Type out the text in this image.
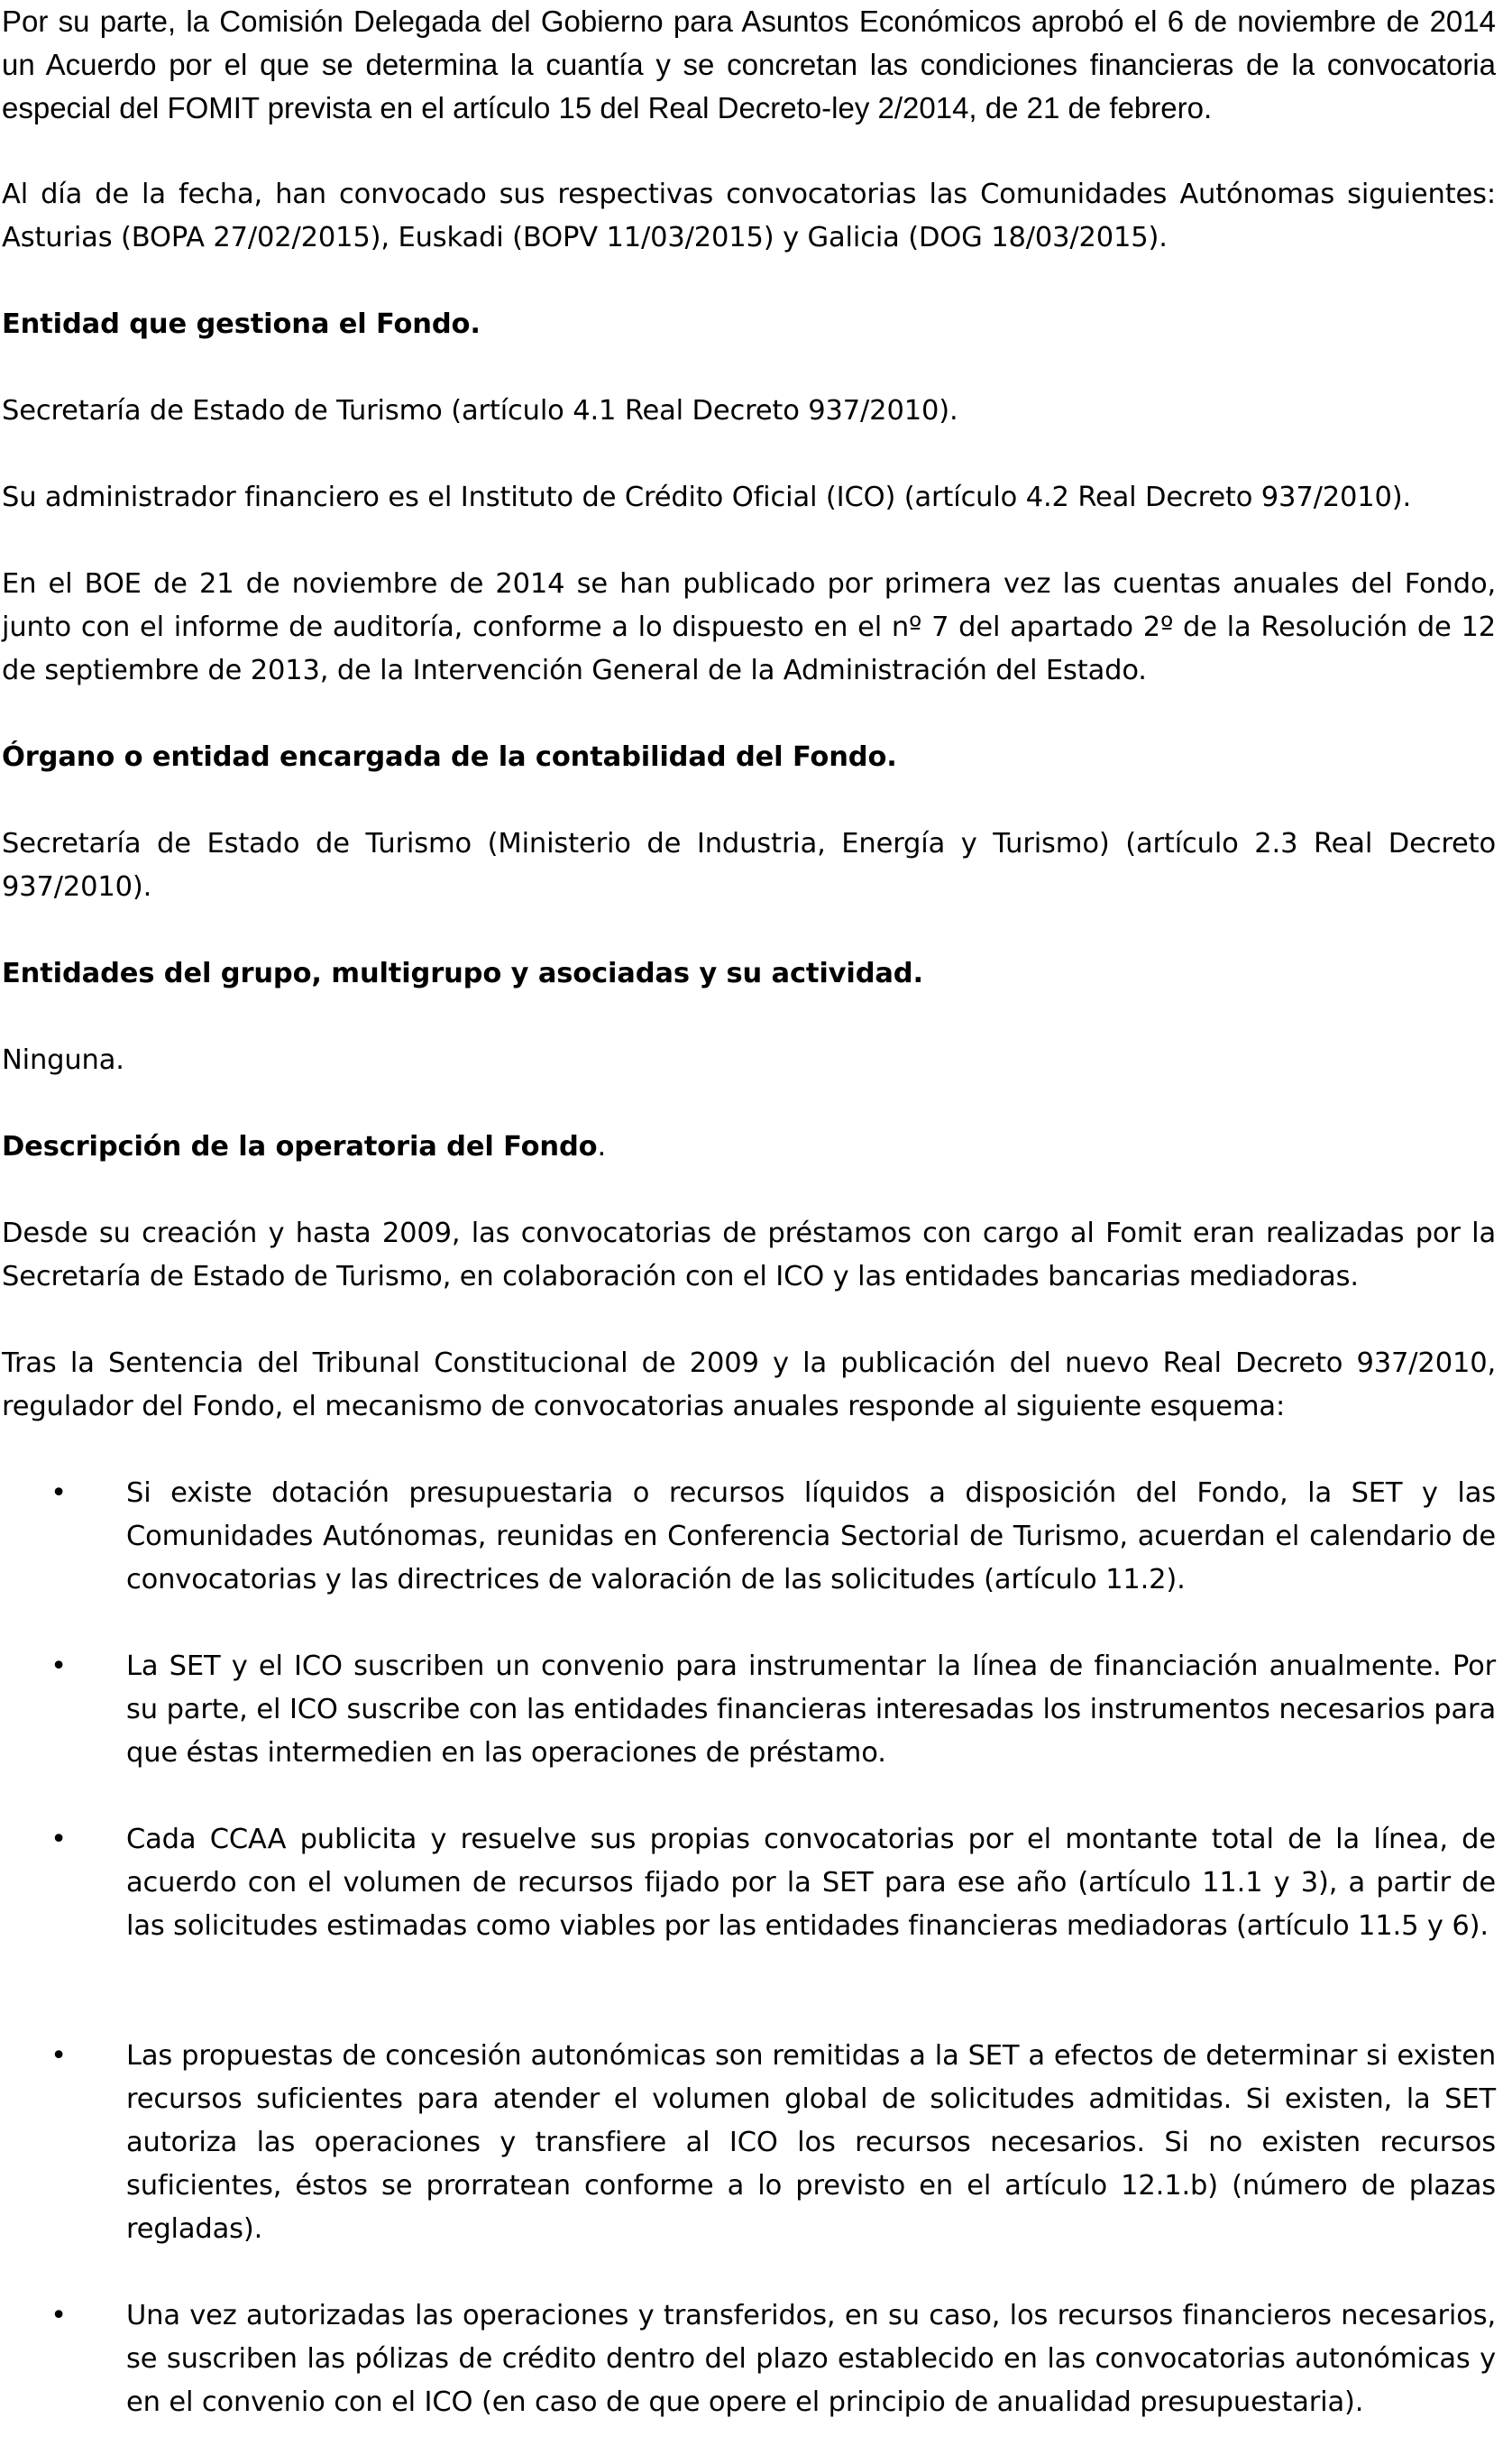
Por su parte, la Comisión Delegada del Gobierno para Asuntos Económicos aprobó el 6 de noviembre de 2014 un Acuerdo por el que se determina la cuantía y se concretan las condiciones financieras de la convocatoria especial del FOMIT prevista en el artículo 15 del Real Decreto-ley 2/2014, de 21 de febrero.

Al día de la fecha, han convocado sus respectivas convocatorias las Comunidades Autónomas siguientes: Asturias (BOPA 27/02/2015), Euskadi (BOPV 11/03/2015) y Galicia (DOG 18/03/2015).

Entidad que gestiona el Fondo.

Secretaría de Estado de Turismo (artículo 4.1 Real Decreto 937/2010).

Su administrador financiero es el Instituto de Crédito Oficial (ICO) (artículo 4.2 Real Decreto 937/2010).

En el BOE de 21 de noviembre de 2014 se han publicado por primera vez las cuentas anuales del Fondo, junto con el informe de auditoría, conforme a lo dispuesto en el nº 7 del apartado 2º de la Resolución de 12 de septiembre de 2013, de la Intervención General de la Administración del Estado.

Órgano o entidad encargada de la contabilidad del Fondo.

Secretaría de Estado de Turismo (Ministerio de Industria, Energía y Turismo) (artículo 2.3 Real Decreto 937/2010).

Entidades del grupo, multigrupo y asociadas y su actividad.

Ninguna.

Descripción de la operatoria del Fondo.

Desde su creación y hasta 2009, las convocatorias de préstamos con cargo al Fomit eran realizadas por la Secretaría de Estado de Turismo, en colaboración con el ICO y las entidades bancarias mediadoras.

Tras la Sentencia del Tribunal Constitucional de 2009 y la publicación del nuevo Real Decreto 937/2010, regulador del Fondo, el mecanismo de convocatorias anuales responde al siguiente esquema:

• Si existe dotación presupuestaria o recursos líquidos a disposición del Fondo, la SET y las Comunidades Autónomas, reunidas en Conferencia Sectorial de Turismo, acuerdan el calendario de convocatorias y las directrices de valoración de las solicitudes (artículo 11.2).
• La SET y el ICO suscriben un convenio para instrumentar la línea de financiación anualmente. Por su parte, el ICO suscribe con las entidades financieras interesadas los instrumentos necesarios para que éstas intermedien en las operaciones de préstamo.
• Cada CCAA publicita y resuelve sus propias convocatorias por el montante total de la línea, de acuerdo con el volumen de recursos fijado por la SET para ese año (artículo 11.1 y 3), a partir de las solicitudes estimadas como viables por las entidades financieras mediadoras (artículo 11.5 y 6).
• Las propuestas de concesión autonómicas son remitidas a la SET a efectos de determinar si existen recursos suficientes para atender el volumen global de solicitudes admitidas. Si existen, la SET autoriza las operaciones y transfiere al ICO los recursos necesarios. Si no existen recursos suficientes, éstos se prorratean conforme a lo previsto en el artículo 12.1.b) (número de plazas regladas).
• Una vez autorizadas las operaciones y transferidos, en su caso, los recursos financieros necesarios, se suscriben las pólizas de crédito dentro del plazo establecido en las convocatorias autonómicas y en el convenio con el ICO (en caso de que opere el principio de anualidad presupuestaria).
